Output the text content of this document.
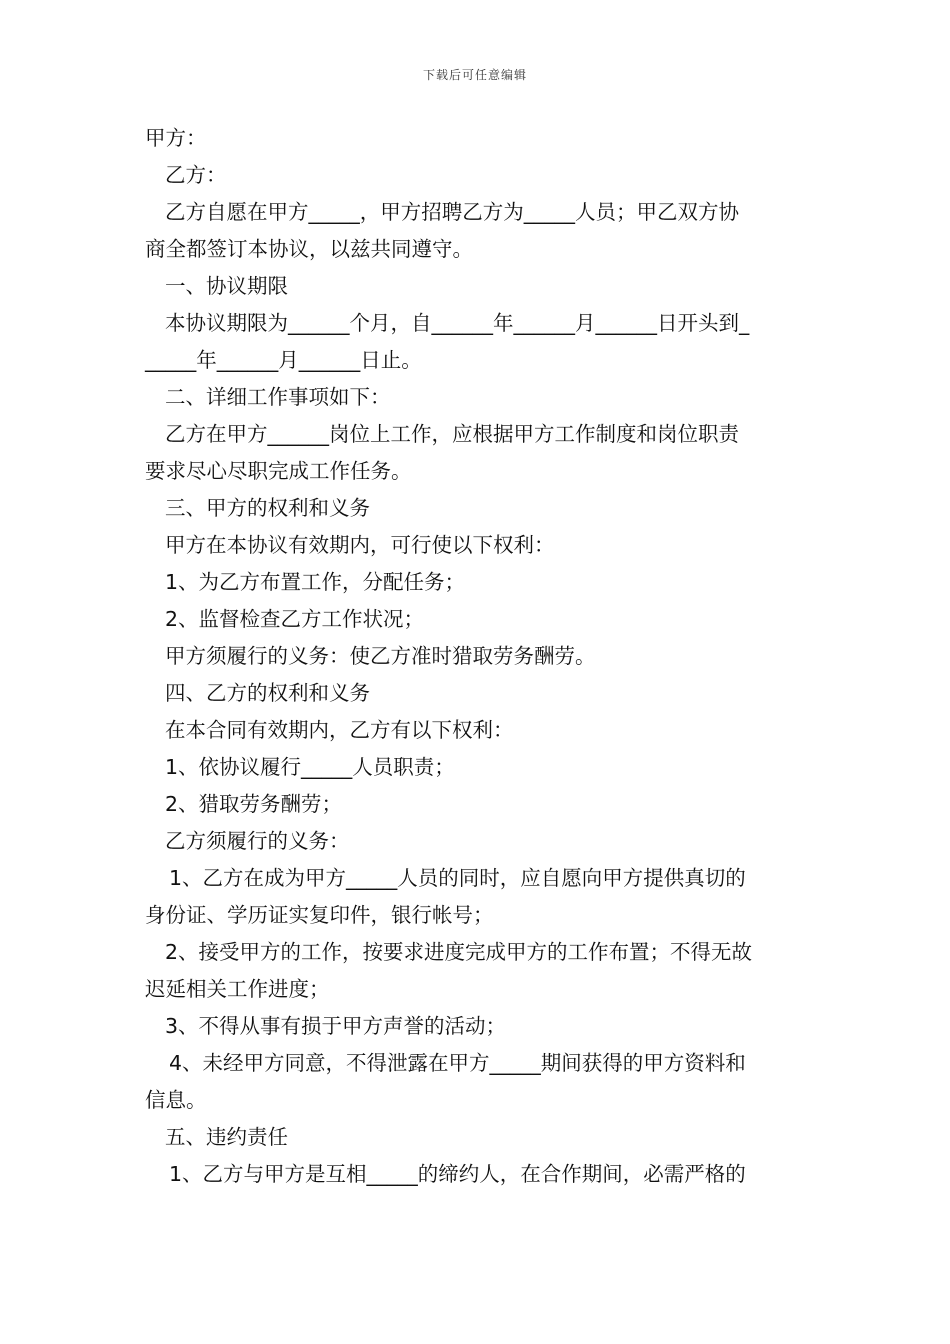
下载后可任意编辑
甲方：
乙方：
乙方自愿在甲方_____，甲方招聘乙方为_____人员；甲乙双方协
商全都签订本协议，以兹共同遵守。
一、协议期限
本协议期限为______个月，自______年______月______日开头到_
_____年______月______日止。
二、详细工作事项如下：
乙方在甲方______岗位上工作，应根据甲方工作制度和岗位职责
要求尽心尽职完成工作任务。
三、甲方的权利和义务
甲方在本协议有效期内，可行使以下权利：
1、为乙方布置工作，分配任务；
2、监督检查乙方工作状况；
甲方须履行的义务：使乙方准时猎取劳务酬劳。
四、乙方的权利和义务
在本合同有效期内，乙方有以下权利：
1、依协议履行_____人员职责；
2、猎取劳务酬劳；
乙方须履行的义务：
1、乙方在成为甲方_____人员的同时，应自愿向甲方提供真切的
身份证、学历证实复印件，银行帐号；
2、接受甲方的工作，按要求进度完成甲方的工作布置；不得无故
迟延相关工作进度；
3、不得从事有损于甲方声誉的活动；
4、未经甲方同意，不得泄露在甲方_____期间获得的甲方资料和
信息。
五、违约责任
1、乙方与甲方是互相_____的缔约人，在合作期间，必需严格的
